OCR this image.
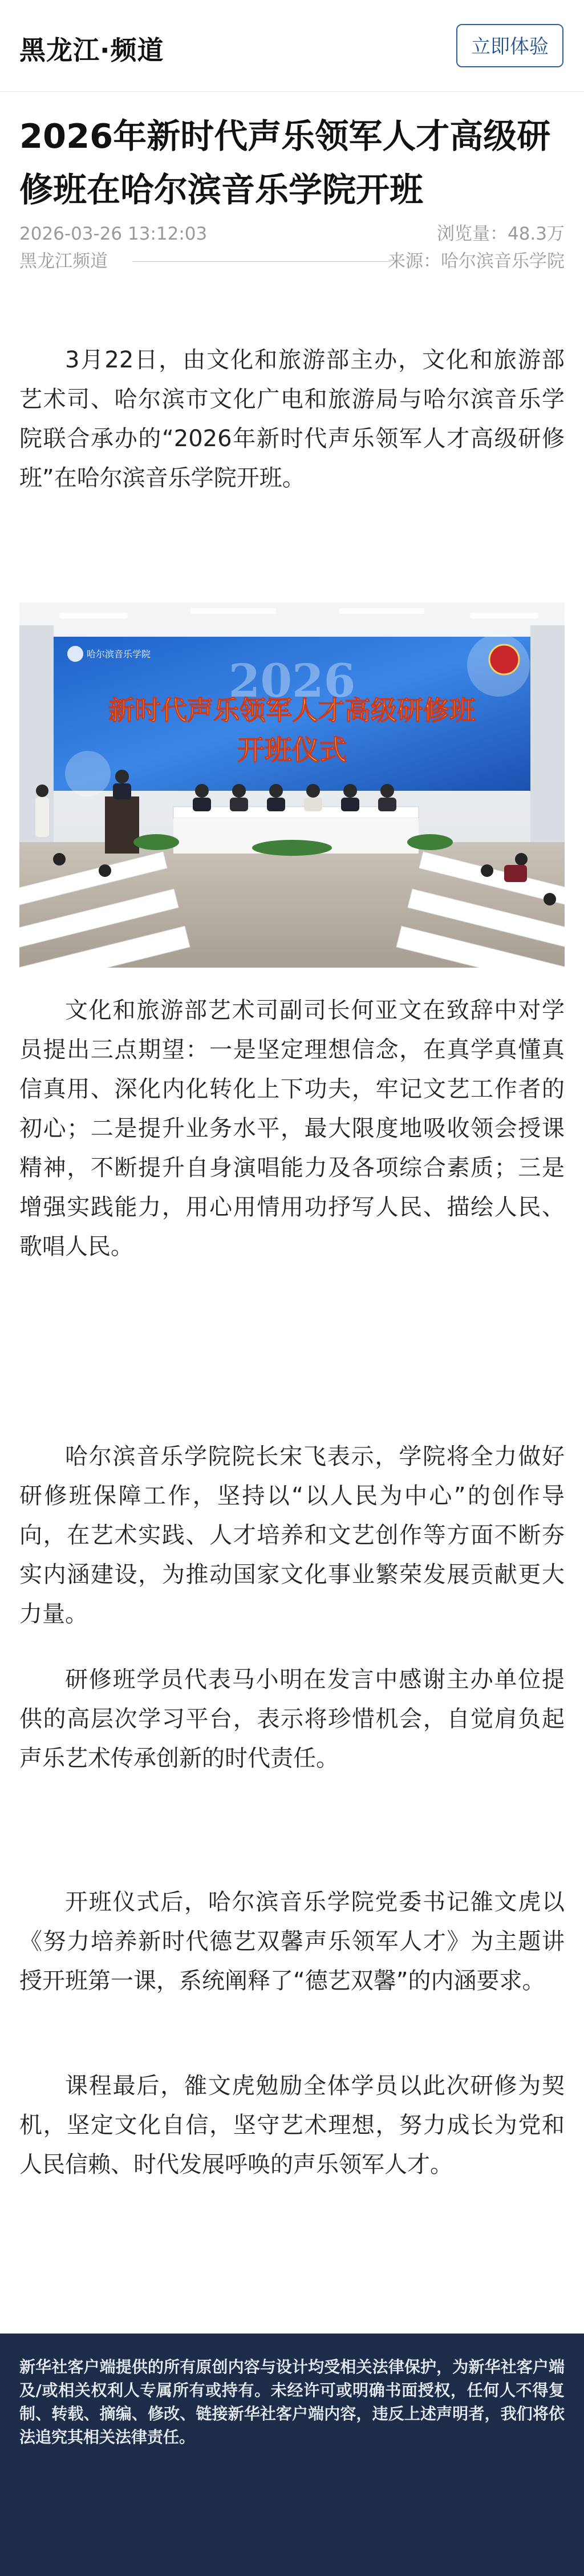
黑龙江·频道	立即体验
2026年新时代声乐领军人才高级研修班在哈尔滨音乐学院开班
2026-03-26 13:12:03	浏览量：48.3万
黑龙江频道	来源：哈尔滨音乐学院

3月22日，由文化和旅游部主办，文化和旅游部艺术司、哈尔滨市文化广电和旅游局与哈尔滨音乐学院联合承办的“2026年新时代声乐领军人才高级研修班”在哈尔滨音乐学院开班。

哈尔滨音乐学院 2026
新时代声乐领军人才高级研修班
开班仪式

文化和旅游部艺术司副司长何亚文在致辞中对学员提出三点期望：一是坚定理想信念，在真学真懂真信真用、深化内化转化上下功夫，牢记文艺工作者的初心；二是提升业务水平，最大限度地吸收领会授课精神，不断提升自身演唱能力及各项综合素质；三是增强实践能力，用心用情用功抒写人民、描绘人民、歌唱人民。

哈尔滨音乐学院院长宋飞表示，学院将全力做好研修班保障工作，坚持以“以人民为中心”的创作导向，在艺术实践、人才培养和文艺创作等方面不断夯实内涵建设，为推动国家文化事业繁荣发展贡献更大力量。

研修班学员代表马小明在发言中感谢主办单位提供的高层次学习平台，表示将珍惜机会，自觉肩负起声乐艺术传承创新的时代责任。

开班仪式后，哈尔滨音乐学院党委书记雒文虎以《努力培养新时代德艺双馨声乐领军人才》为主题讲授开班第一课，系统阐释了“德艺双馨”的内涵要求。

课程最后，雒文虎勉励全体学员以此次研修为契机，坚定文化自信，坚守艺术理想，努力成长为党和人民信赖、时代发展呼唤的声乐领军人才。

新华社客户端提供的所有原创内容与设计均受相关法律保护，为新华社客户端及/或相关权利人专属所有或持有。未经许可或明确书面授权，任何人不得复制、转载、摘编、修改、链接新华社客户端内容，违反上述声明者，我们将依法追究其相关法律责任。
